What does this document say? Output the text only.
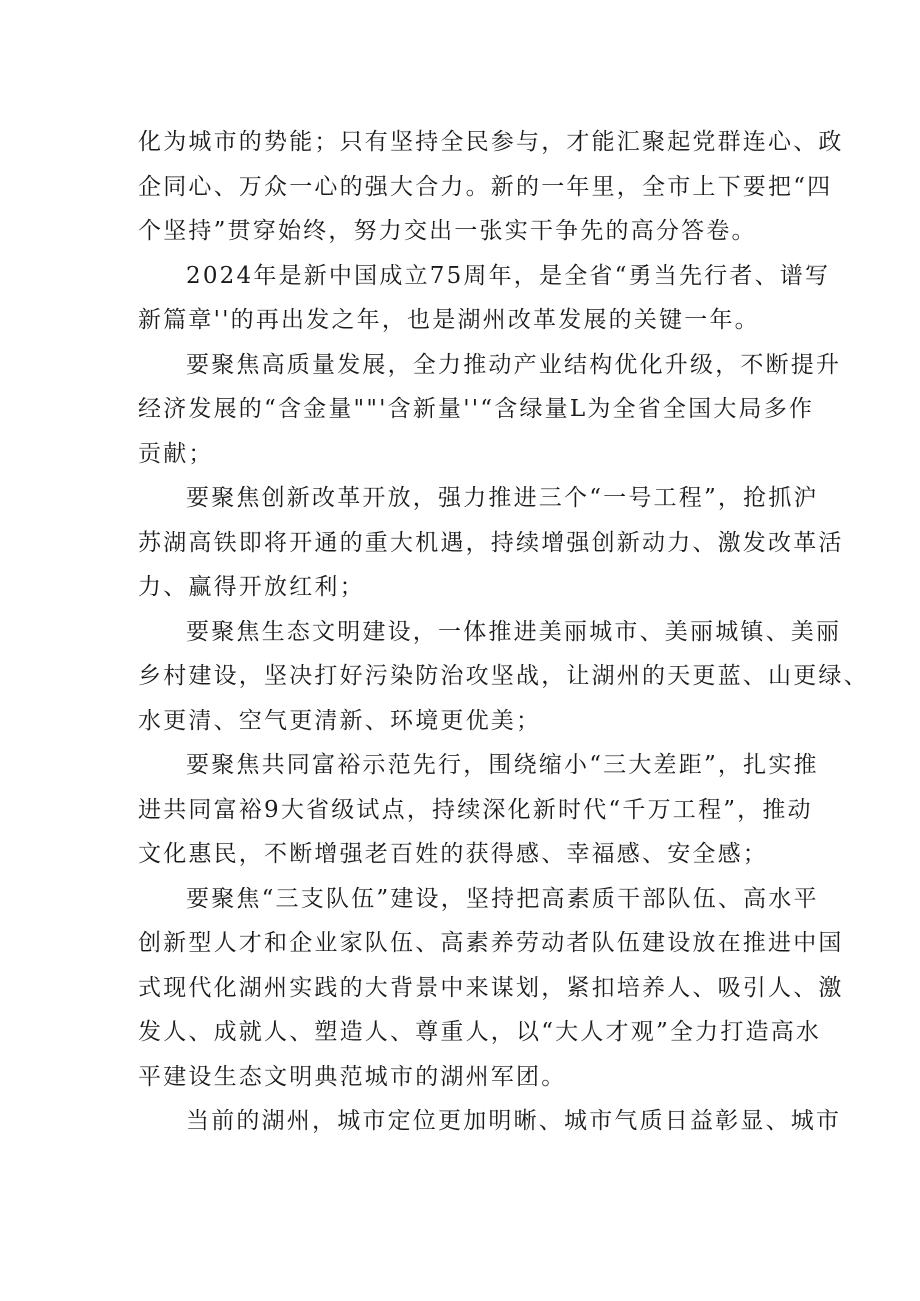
化为城市的势能；只有坚持全民参与，才能汇聚起党群连心、政
企同心、万众一心的强大合力。新的一年里，全市上下要把“四
个坚持”贯穿始终，努力交出一张实干争先的高分答卷。
2024年是新中国成立75周年，是全省“勇当先行者、谱写
新篇章''的再出发之年，也是湖州改革发展的关键一年。
要聚焦高质量发展，全力推动产业结构优化升级，不断提升
经济发展的“含金量""'含新量''“含绿量L为全省全国大局多作
贡献；
要聚焦创新改革开放，强力推进三个“一号工程”，抢抓沪
苏湖高铁即将开通的重大机遇，持续增强创新动力、激发改革活
力、赢得开放红利；
要聚焦生态文明建设，一体推进美丽城市、美丽城镇、美丽
乡村建设，坚决打好污染防治攻坚战，让湖州的天更蓝、山更绿、
水更清、空气更清新、环境更优美；
要聚焦共同富裕示范先行，围绕缩小“三大差距”，扎实推
进共同富裕9大省级试点，持续深化新时代“千万工程”，推动
文化惠民，不断增强老百姓的获得感、幸福感、安全感；
要聚焦“三支队伍”建设，坚持把高素质干部队伍、高水平
创新型人才和企业家队伍、高素养劳动者队伍建设放在推进中国
式现代化湖州实践的大背景中来谋划，紧扣培养人、吸引人、激
发人、成就人、塑造人、尊重人，以“大人才观”全力打造高水
平建设生态文明典范城市的湖州军团。
当前的湖州，城市定位更加明晰、城市气质日益彰显、城市
